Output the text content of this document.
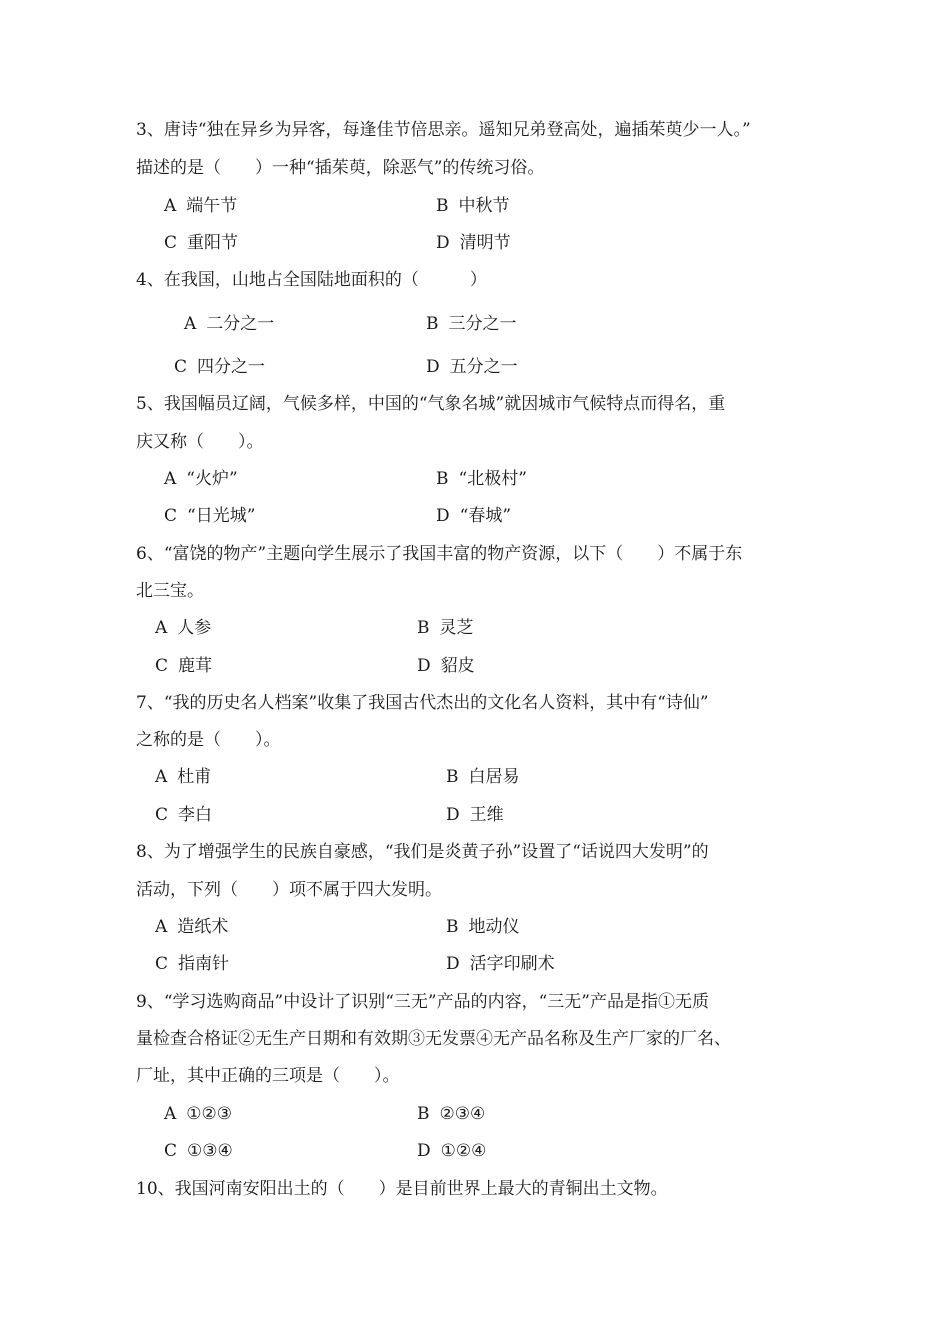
3、唐诗“独在异乡为异客，每逢佳节倍思亲。遥知兄弟登高处，遍插茱萸少一人。”
描述的是（　　）一种“插茱萸，除恶气”的传统习俗。
A 端午节	B 中秋节
C 重阳节	D 清明节
4、在我国，山地占全国陆地面积的（　　　）
A 二分之一	B 三分之一
C 四分之一	D 五分之一
5、我国幅员辽阔，气候多样，中国的“气象名城”就因城市气候特点而得名，重
庆又称（　　）。
A “火炉”	B “北极村”
C “日光城”	D “春城”
6、“富饶的物产”主题向学生展示了我国丰富的物产资源，以下（　　）不属于东
北三宝。
A 人参	B 灵芝
C 鹿茸	D 貂皮
7、“我的历史名人档案”收集了我国古代杰出的文化名人资料，其中有“诗仙”
之称的是（　　）。
A 杜甫	B 白居易
C 李白	D 王维
8、为了增强学生的民族自豪感，“我们是炎黄子孙”设置了“话说四大发明”的
活动，下列（　　）项不属于四大发明。
A 造纸术	B 地动仪
C 指南针	D 活字印刷术
9、“学习选购商品”中设计了识别“三无”产品的内容，“三无”产品是指①无质
量检查合格证②无生产日期和有效期③无发票④无产品名称及生产厂家的厂名、
厂址，其中正确的三项是（　　）。
A ①②③	B ②③④
C ①③④	D ①②④
10、我国河南安阳出土的（　　）是目前世界上最大的青铜出土文物。
